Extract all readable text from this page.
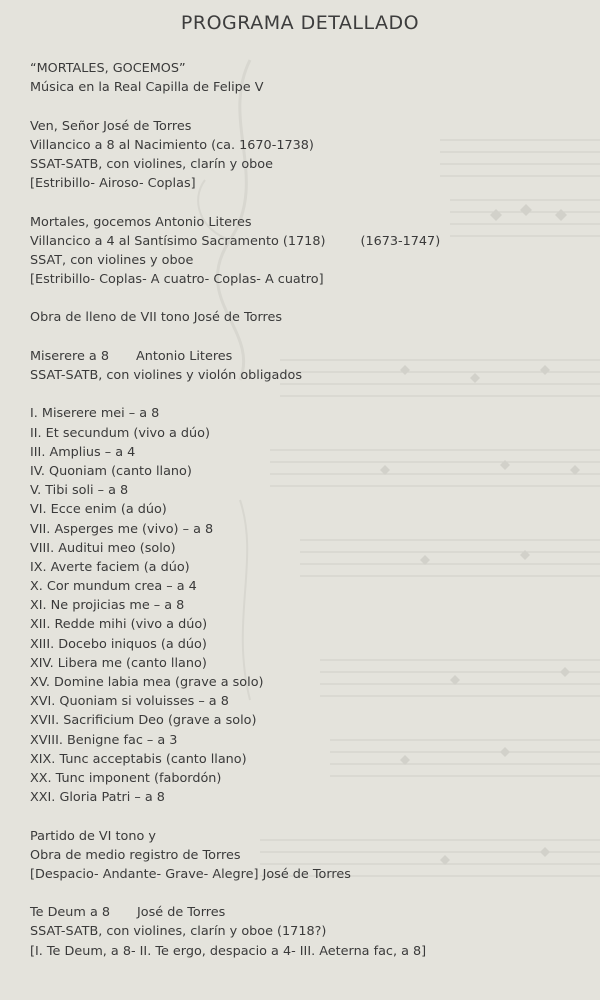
PROGRAMA DETALLADO
“MORTALES, GOCEMOS”
Música en la Real Capilla de Felipe V
Ven, Señor José de Torres
Villancico a 8 al Nacimiento (ca. 1670-1738)
SSAT-SATB, con violines, clarín y oboe
[Estribillo- Airoso- Coplas]
Mortales, gocemos Antonio Literes
Villancico a 4 al Santísimo Sacramento (1718)	(1673-1747)
SSAT, con violines y oboe
[Estribillo- Coplas- A cuatro- Coplas- A cuatro]
Obra de lleno de VII tono José de Torres
Miserere a 8 Antonio Literes
SSAT-SATB, con violines y violón obligados
I. Miserere mei – a 8
II. Et secundum (vivo a dúo)
III. Amplius – a 4
IV. Quoniam (canto llano)
V. Tibi soli – a 8
VI. Ecce enim (a dúo)
VII. Asperges me (vivo) – a 8
VIII. Auditui meo (solo)
IX. Averte faciem (a dúo)
X. Cor mundum crea – a 4
XI. Ne projicias me – a 8
XII. Redde mihi (vivo a dúo)
XIII. Docebo iniquos (a dúo)
XIV. Libera me (canto llano)
XV. Domine labia mea (grave a solo)
XVI. Quoniam si voluisses – a 8
XVII. Sacrificium Deo (grave a solo)
XVIII. Benigne fac – a 3
XIX. Tunc acceptabis (canto llano)
XX. Tunc imponent (fabordón)
XXI. Gloria Patri – a 8
Partido de VI tono y
Obra de medio registro de Torres
[Despacio- Andante- Grave- Alegre] José de Torres
Te Deum a 8 José de Torres
SSAT-SATB, con violines, clarín y oboe (1718?)
[I. Te Deum, a 8- II. Te ergo, despacio a 4- III. Aeterna fac, a 8]
